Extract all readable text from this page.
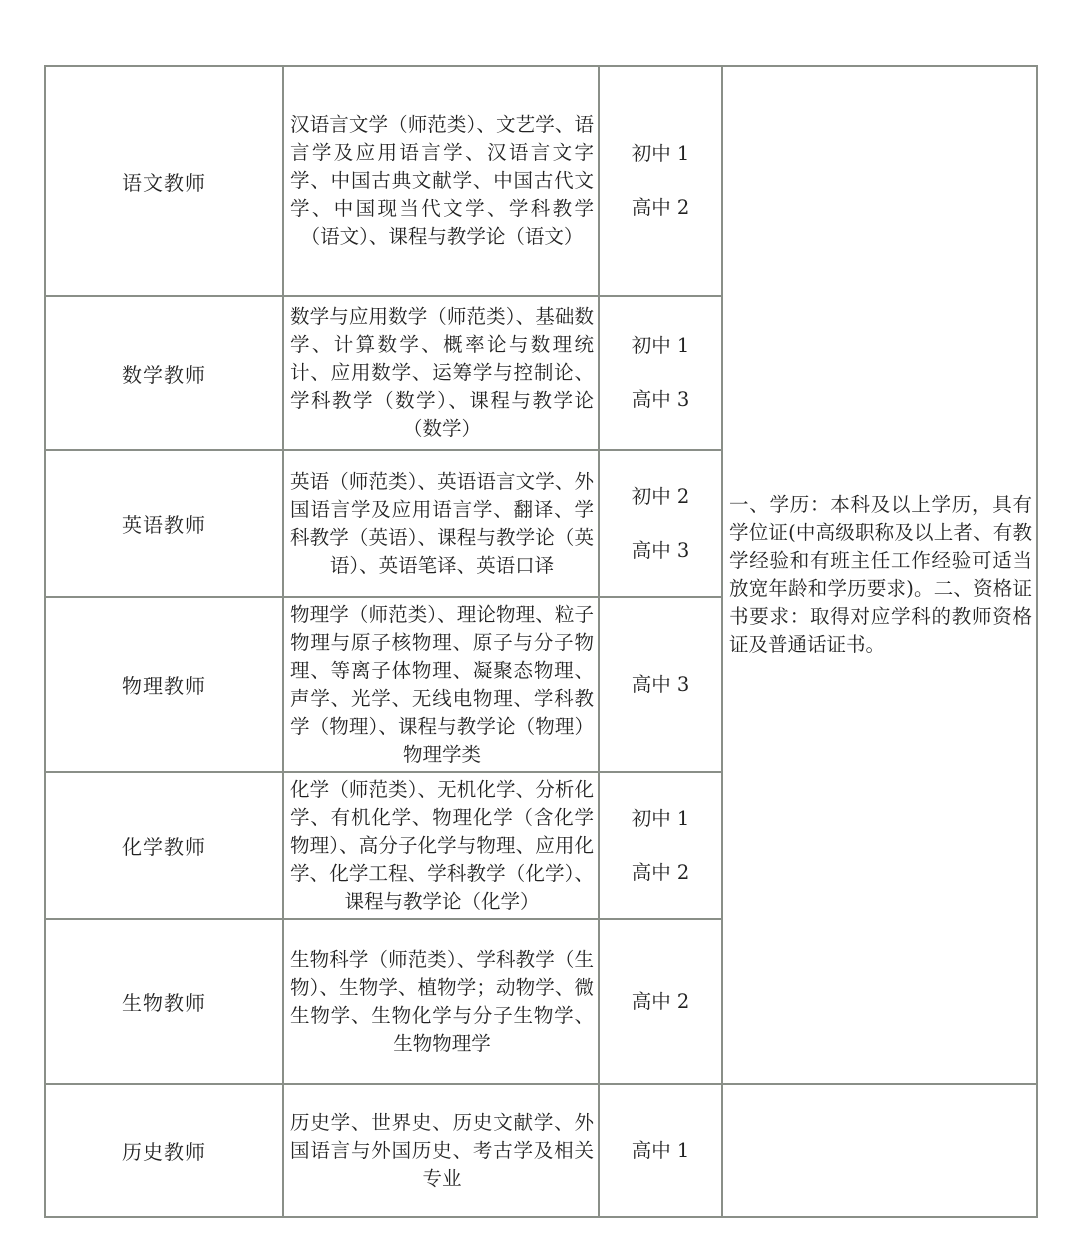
语文教师	汉语言文学（师范类）、文艺学、语言学及应用语言学、汉语言文字学、中国古典文献学、中国古代文学、中国现当代文学、学科教学（语文）、课程与教学论（语文）	初中 1
高中 2	一、学历：本科及以上学历，具有学位证(中高级职称及以上者、有教学经验和有班主任工作经验可适当放宽年龄和学历要求)。二、资格证书要求：取得对应学科的教师资格证及普通话证书。

数学教师	数学与应用数学（师范类）、基础数学、计算数学、概率论与数理统计、应用数学、运筹学与控制论、学科教学（数学）、课程与教学论（数学）	初中 1
高中 3	

英语教师	英语（师范类）、英语语言文学、外国语言学及应用语言学、翻译、学科教学（英语）、课程与教学论（英语）、英语笔译、英语口译	初中 2
高中 3	

物理教师	物理学（师范类）、理论物理、粒子物理与原子核物理、原子与分子物理、等离子体物理、凝聚态物理、声学、光学、无线电物理、学科教学（物理）、课程与教学论（物理）物理学类	高中 3	

化学教师	化学（师范类）、无机化学、分析化学、有机化学、物理化学（含化学物理）、高分子化学与物理、应用化学、化学工程、学科教学（化学）、课程与教学论（化学）	初中 1
高中 2	

生物教师	生物科学（师范类）、学科教学（生物）、生物学、植物学；动物学、微生物学、生物化学与分子生物学、生物物理学	高中 2	

历史教师	历史学、世界史、历史文献学、外国语言与外国历史、考古学及相关专业	高中 1	
